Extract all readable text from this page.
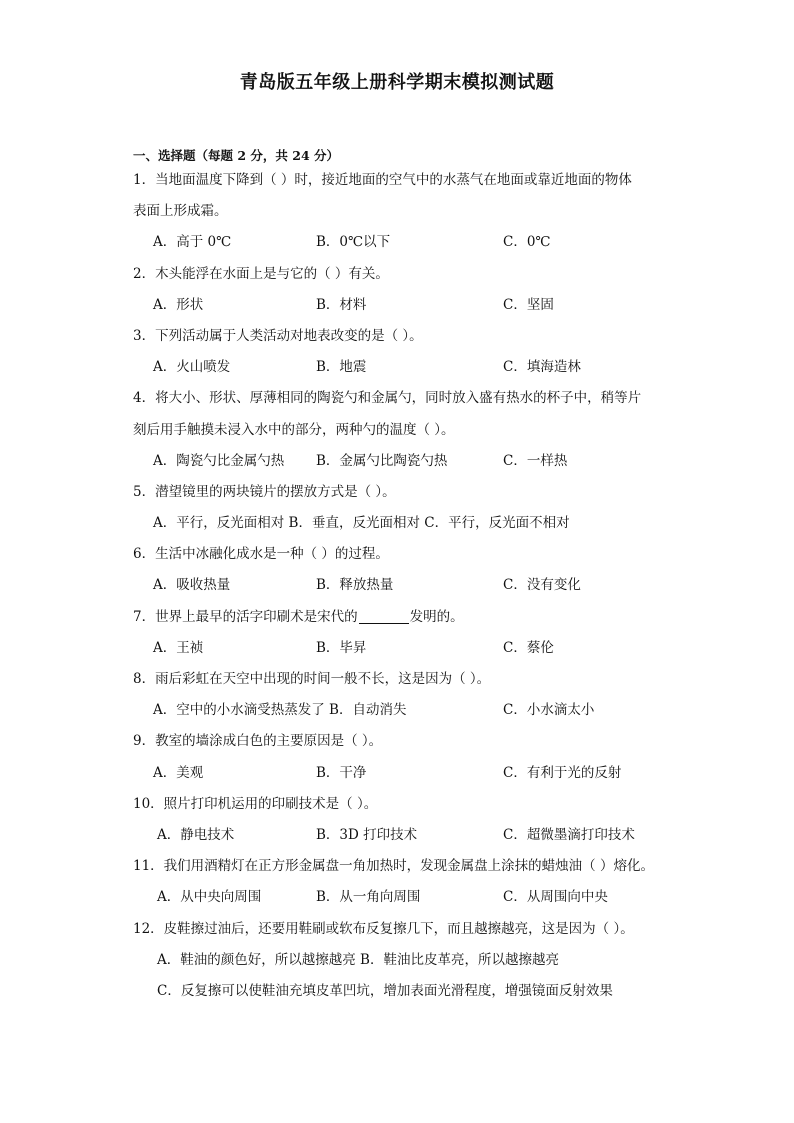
青岛版五年级上册科学期末模拟测试题
一、选择题（每题 2 分，共 24 分）
1．当地面温度下降到（ ）时，接近地面的空气中的水蒸气在地面或靠近地面的物体
表面上形成霜。
A．高于 0℃	B．0℃以下	C．0℃
2．木头能浮在水面上是与它的（ ）有关。
A．形状	B．材料	C．坚固
3．下列活动属于人类活动对地表改变的是（ ）。
A．火山喷发	B．地震	C．填海造林
4．将大小、形状、厚薄相同的陶瓷勺和金属勺，同时放入盛有热水的杯子中，稍等片
刻后用手触摸未浸入水中的部分，两种勺的温度（ ）。
A．陶瓷勺比金属勺热 B．金属勺比陶瓷勺热	C．一样热
5．潜望镜里的两块镜片的摆放方式是（ ）。
A．平行，反光面相对 B．垂直，反光面相对 C．平行，反光面不相对
6．生活中冰融化成水是一种（ ）的过程。
A．吸收热量	B．释放热量	C．没有变化
7．世界上最早的活字印刷术是宋代的	发明的。
A．王祯	B．毕昇	C．蔡伦
8．雨后彩虹在天空中出现的时间一般不长，这是因为（ ）。
A．空中的小水滴受热蒸发了 B．自动消失	C．小水滴太小
9．教室的墙涂成白色的主要原因是（ ）。
A．美观	B．干净	C．有利于光的反射
10．照片打印机运用的印刷技术是（ ）。
A．静电技术	B．3D 打印技术	C．超微墨滴打印技术
11．我们用酒精灯在正方形金属盘一角加热时，发现金属盘上涂抹的蜡烛油（ ）熔化。
A．从中央向周围	B．从一角向周围	C．从周围向中央
12．皮鞋擦过油后，还要用鞋刷或软布反复擦几下，而且越擦越亮，这是因为（ ）。
A．鞋油的颜色好，所以越擦越亮 B．鞋油比皮革亮，所以越擦越亮
C．反复擦可以使鞋油充填皮革凹坑，增加表面光滑程度，增强镜面反射效果
